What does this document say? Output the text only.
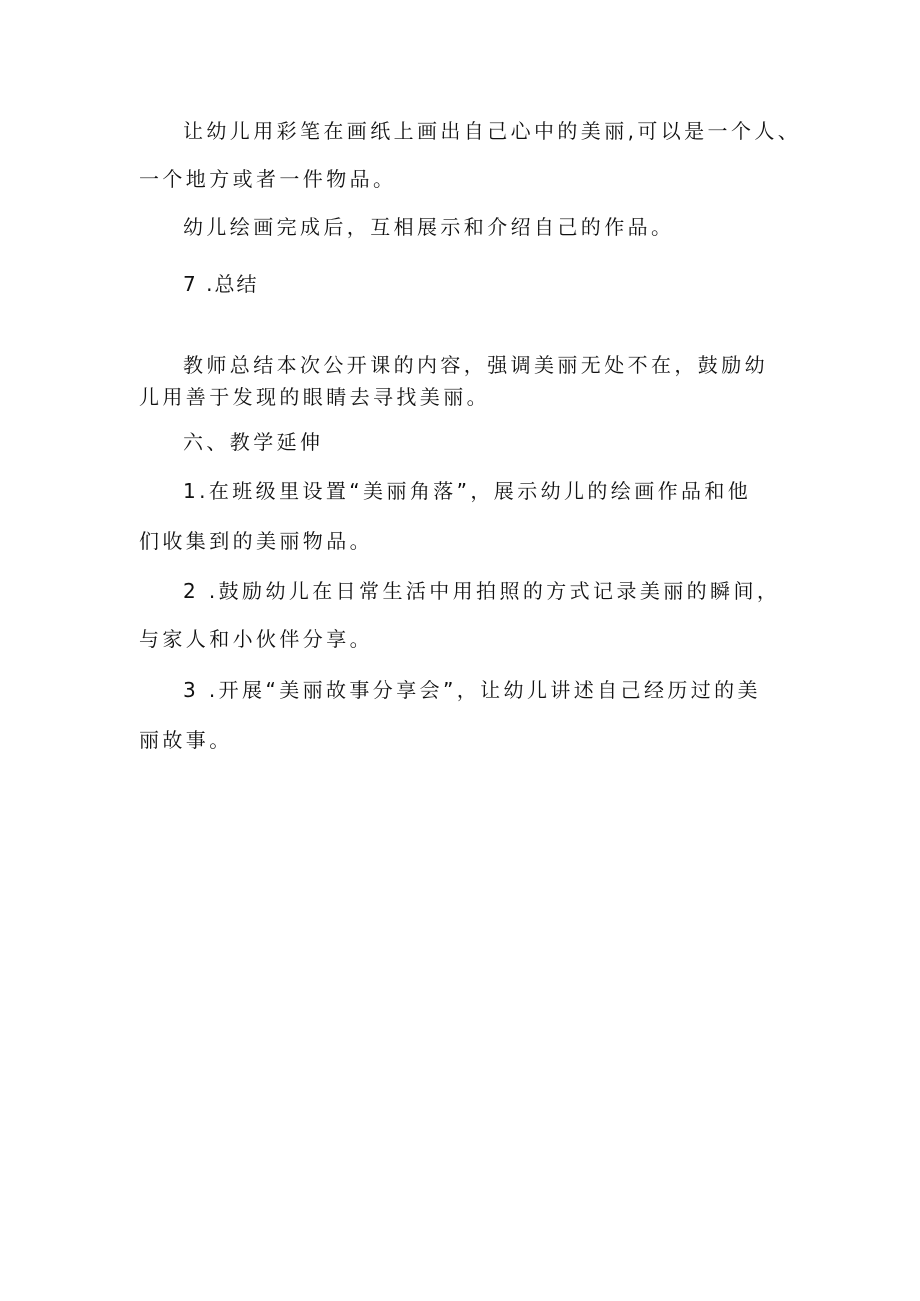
让幼儿用彩笔在画纸上画出自己心中的美丽,可以是一个人、
一个地方或者一件物品。
幼儿绘画完成后，互相展示和介绍自己的作品。
7 .总结
教师总结本次公开课的内容，强调美丽无处不在，鼓励幼
儿用善于发现的眼睛去寻找美丽。
六、教学延伸
1.在班级里设置“美丽角落”，展示幼儿的绘画作品和他
们收集到的美丽物品。
2 .鼓励幼儿在日常生活中用拍照的方式记录美丽的瞬间，
与家人和小伙伴分享。
3 .开展“美丽故事分享会”，让幼儿讲述自己经历过的美
丽故事。
